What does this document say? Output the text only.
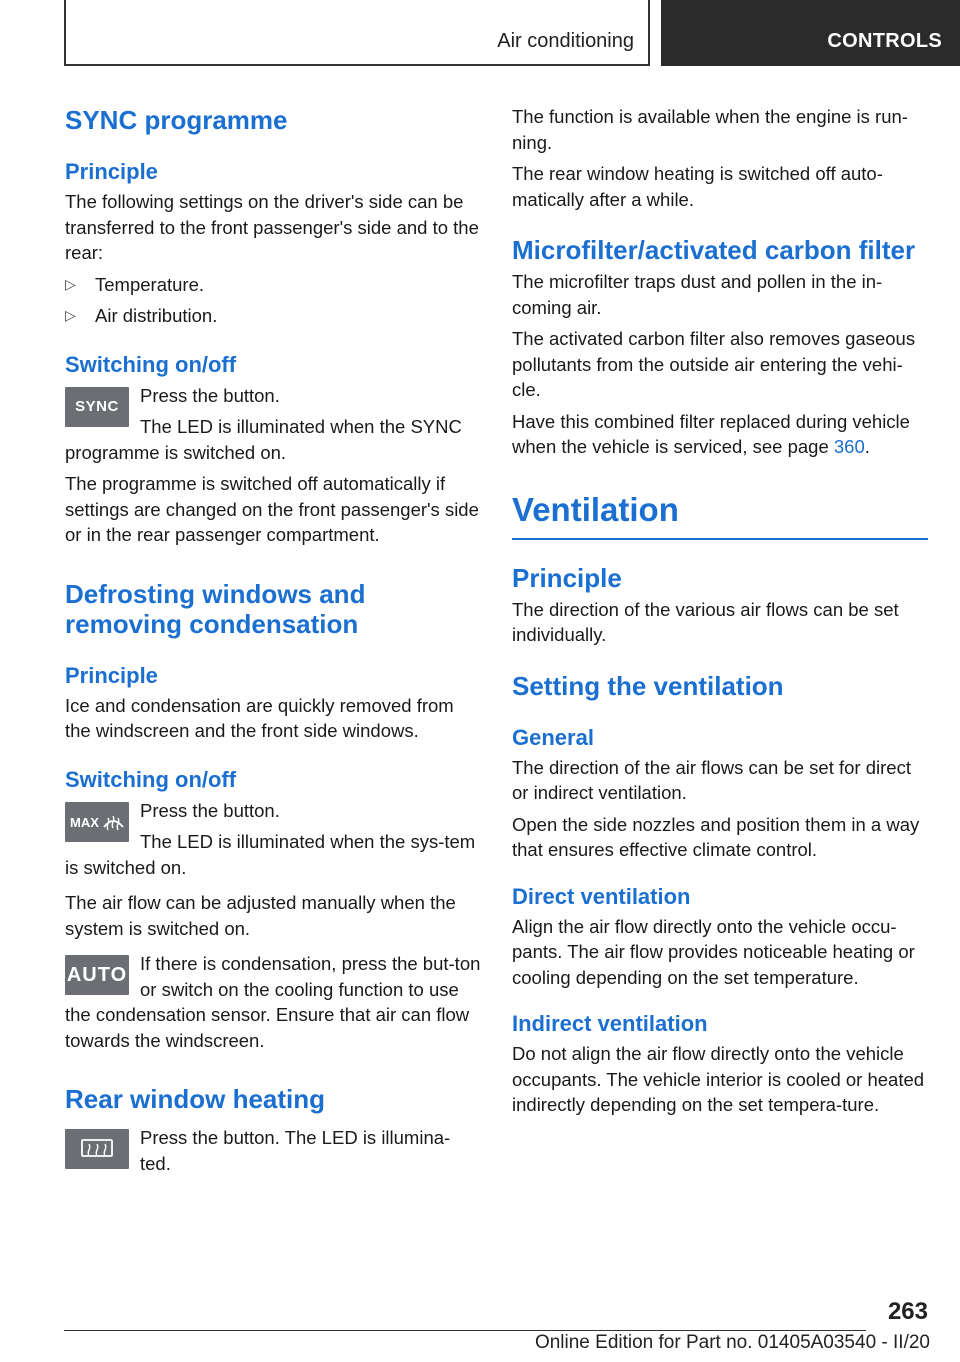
Air conditioning	CONTROLS
SYNC programme
Principle

The following settings on the driver's side can be transferred to the front passenger's side and to the rear:

▷ Temperature.
▷ Air distribution.
Switching on/off
SYNC

Press the button.

The LED is illuminated when the SYNC programme is switched on.

The programme is switched off automatically if settings are changed on the front passenger's side or in the rear passenger compartment.

Defrosting windows and
removing condensation
Principle

Ice and condensation are quickly removed from the windscreen and the front side windows.

Switching on/off
MAX

Press the button.

The LED is illuminated when the sys-tem is switched on.

The air flow can be adjusted manually when the system is switched on.

AUTO If there is condensation, press the but-ton or switch on the cooling function to use the condensation sensor. Ensure that air can flow towards the windscreen.

Rear window heating

Press the button. The LED is illumina-ted.

The function is available when the engine is run-ning.

The rear window heating is switched off auto-matically after a while.

Microfilter/activated carbon filter

The microfilter traps dust and pollen in the in-coming air.

The activated carbon filter also removes gaseous pollutants from the outside air entering the vehi-cle.

Have this combined filter replaced during vehicle when the vehicle is serviced, see page 360.

Ventilation
Principle

The direction of the various air flows can be set individually.

Setting the ventilation
General

The direction of the air flows can be set for direct or indirect ventilation.

Open the side nozzles and position them in a way that ensures effective climate control.

Direct ventilation

Align the air flow directly onto the vehicle occu-pants. The air flow provides noticeable heating or cooling depending on the set temperature.

Indirect ventilation

Do not align the air flow directly onto the vehicle occupants. The vehicle interior is cooled or heated indirectly depending on the set tempera-ture.

263
Online Edition for Part no. 01405A03540 - II/20
